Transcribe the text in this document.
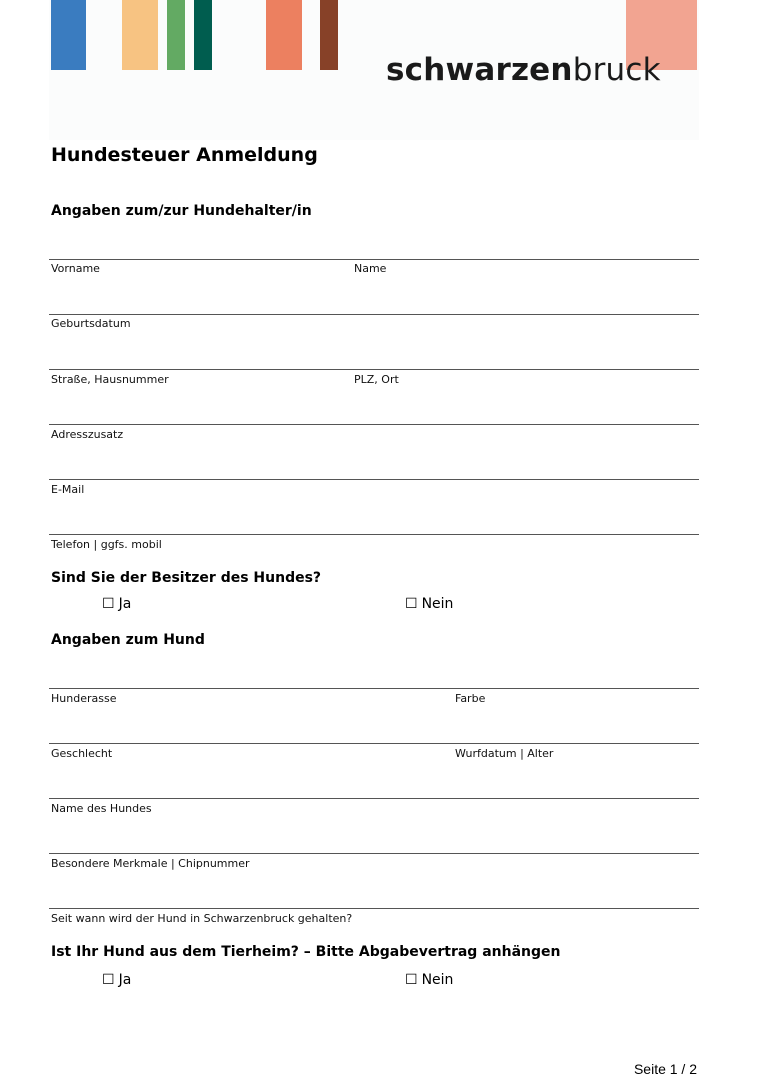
schwarzenbruck
Hundesteuer Anmeldung
Angaben zum/zur Hundehalter/in
Vorname	Name
Geburtsdatum
Straße, Hausnummer	PLZ, Ort
Adresszusatz
E-Mail
Telefon | ggfs. mobil
Sind Sie der Besitzer des Hundes?
☐ Ja	☐ Nein
Angaben zum Hund
Hunderasse	Farbe
Geschlecht	Wurfdatum | Alter
Name des Hundes
Besondere Merkmale | Chipnummer
Seit wann wird der Hund in Schwarzenbruck gehalten?
Ist Ihr Hund aus dem Tierheim? – Bitte Abgabevertrag anhängen
☐ Ja	☐ Nein
Seite 1 / 2
